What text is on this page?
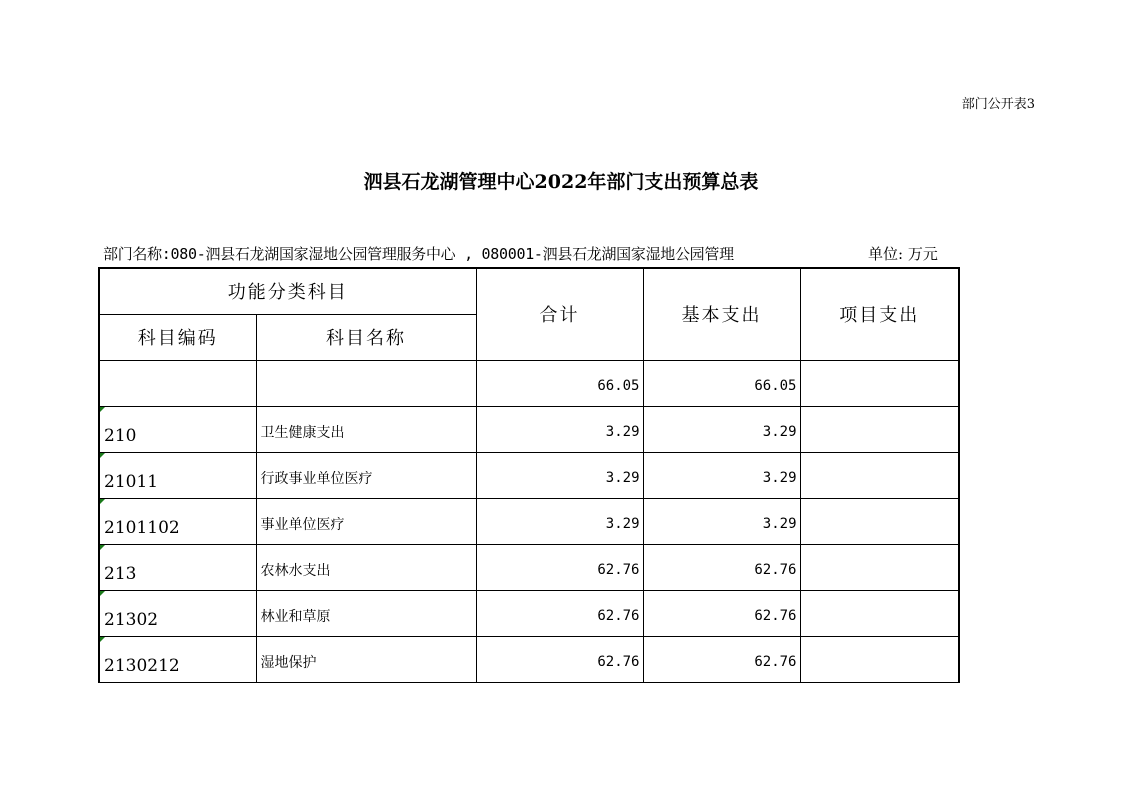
部门公开表3
泗县石龙湖管理中心2022年部门支出预算总表
部门名称:080-泗县石龙湖国家湿地公园管理服务中心 , 080001-泗县石龙湖国家湿地公园管理	单位: 万元
功能分类科目		合计	基本支出	项目支出
科目编码	科目名称			
		66.05	66.05	

210	卫生健康支出	3.29	3.29	

21011	行政事业单位医疗	3.29	3.29	

2101102	事业单位医疗	3.29	3.29	

213	农林水支出	62.76	62.76	

21302	林业和草原	62.76	62.76	

2130212	湿地保护	62.76	62.76	
